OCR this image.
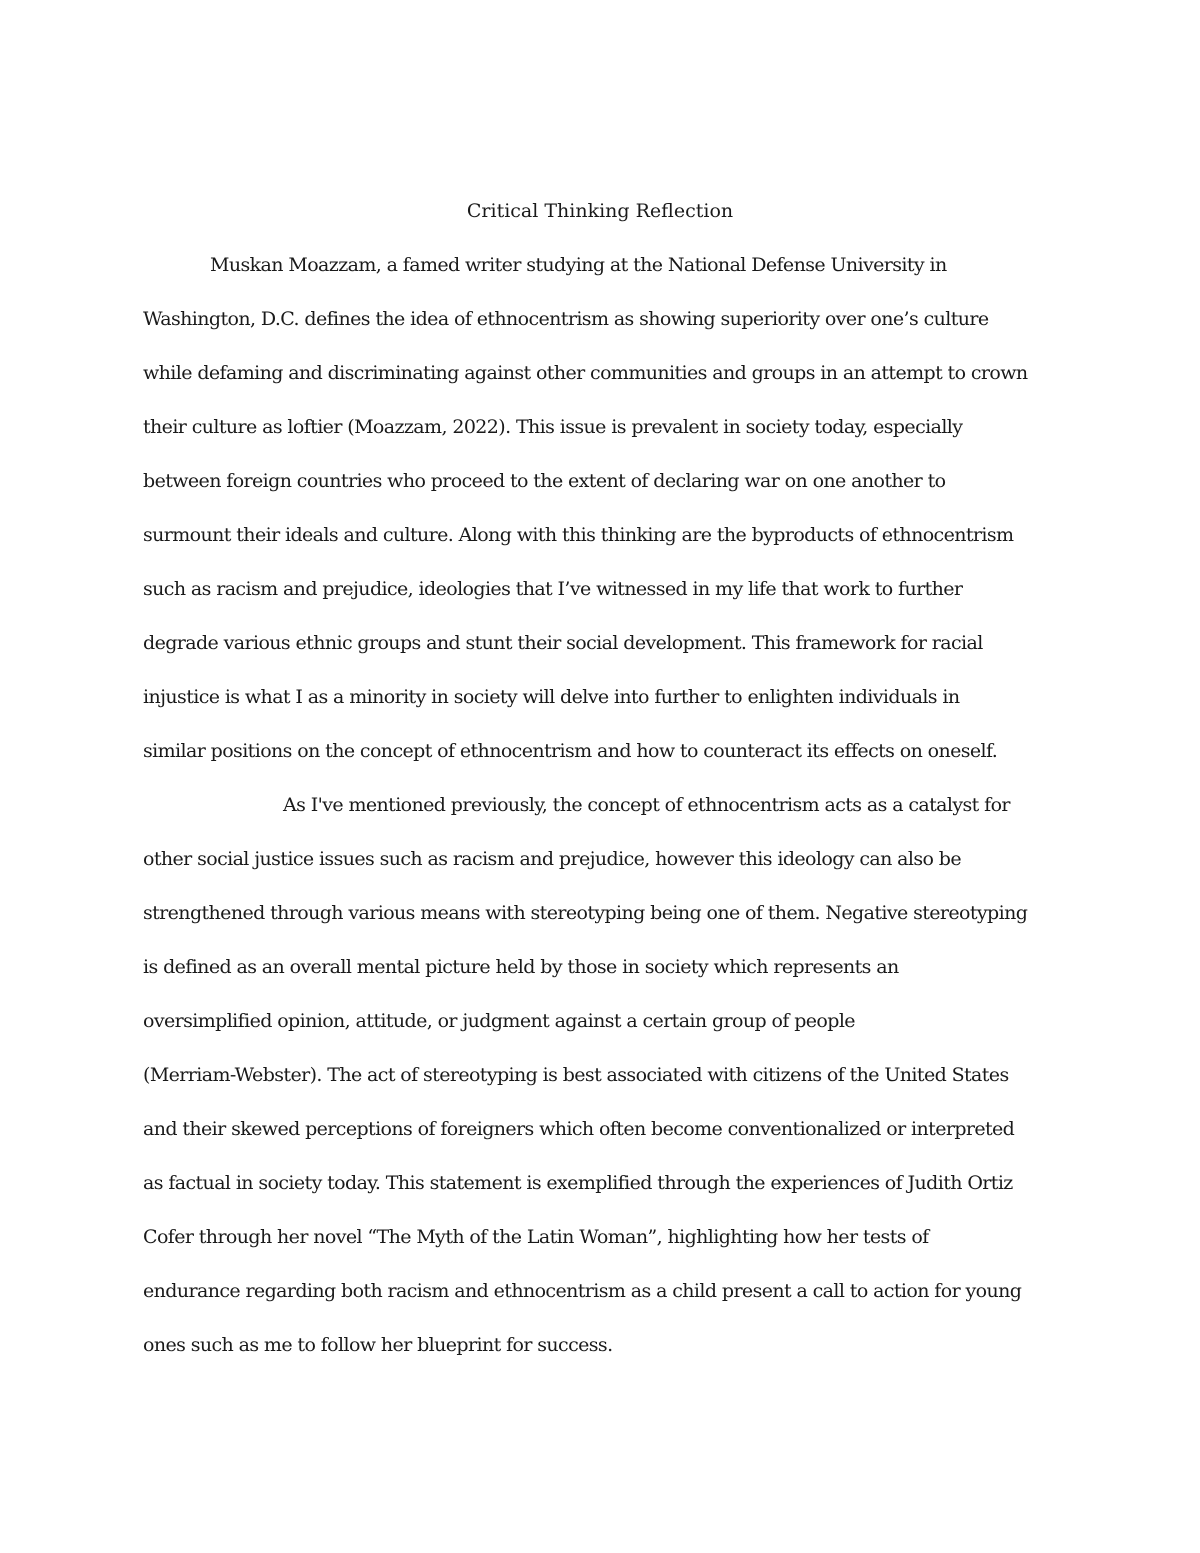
Critical Thinking Reflection
Muskan Moazzam, a famed writer studying at the National Defense University in
Washington, D.C. defines the idea of ethnocentrism as showing superiority over one’s culture
while defaming and discriminating against other communities and groups in an attempt to crown
their culture as loftier (Moazzam, 2022). This issue is prevalent in society today, especially
between foreign countries who proceed to the extent of declaring war on one another to
surmount their ideals and culture. Along with this thinking are the byproducts of ethnocentrism
such as racism and prejudice, ideologies that I’ve witnessed in my life that work to further
degrade various ethnic groups and stunt their social development. This framework for racial
injustice is what I as a minority in society will delve into further to enlighten individuals in
similar positions on the concept of ethnocentrism and how to counteract its effects on oneself.
As I've mentioned previously, the concept of ethnocentrism acts as a catalyst for
other social justice issues such as racism and prejudice, however this ideology can also be
strengthened through various means with stereotyping being one of them. Negative stereotyping
is defined as an overall mental picture held by those in society which represents an
oversimplified opinion, attitude, or judgment against a certain group of people
(Merriam-Webster). The act of stereotyping is best associated with citizens of the United States
and their skewed perceptions of foreigners which often become conventionalized or interpreted
as factual in society today. This statement is exemplified through the experiences of Judith Ortiz
Cofer through her novel “The Myth of the Latin Woman”, highlighting how her tests of
endurance regarding both racism and ethnocentrism as a child present a call to action for young
ones such as me to follow her blueprint for success.
